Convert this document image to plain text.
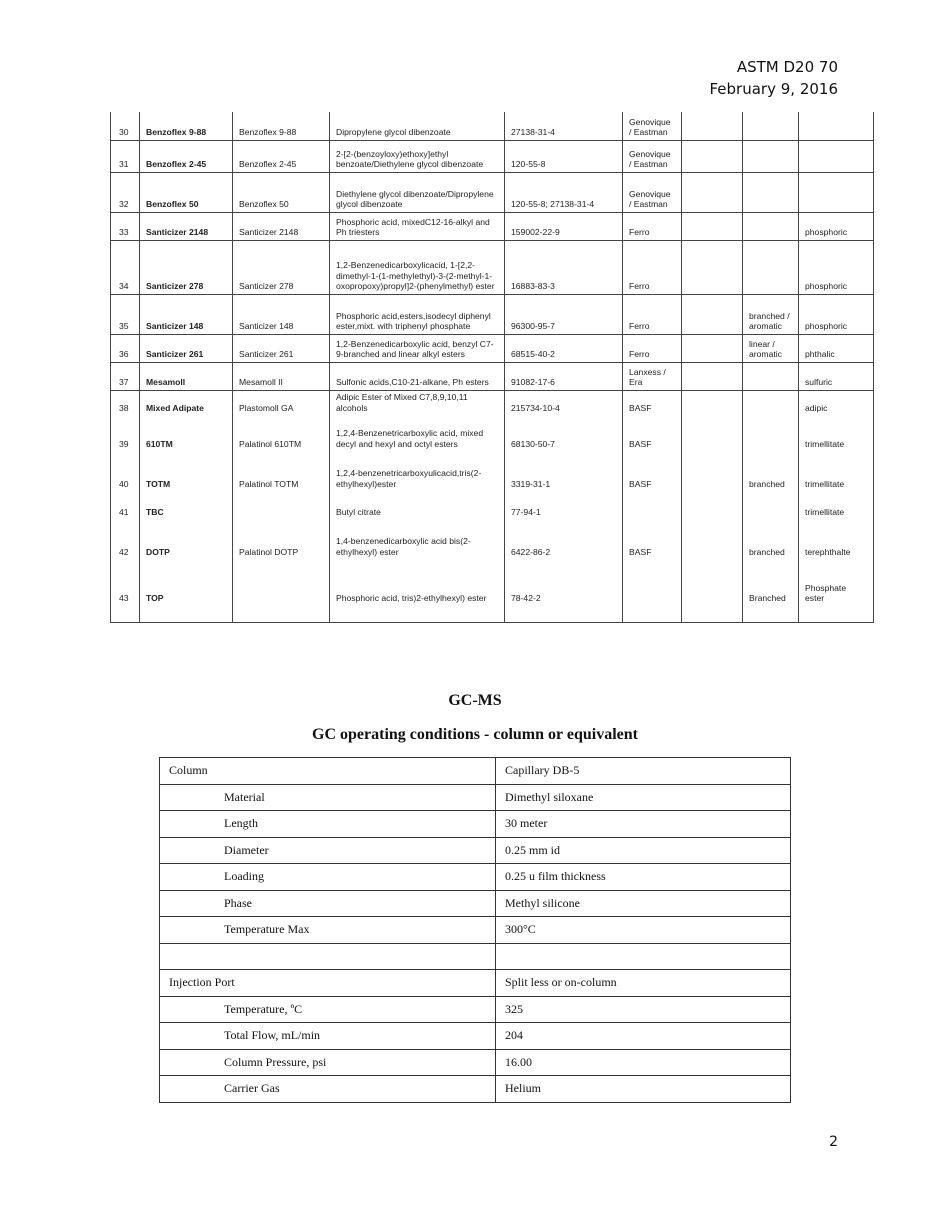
ASTM D20 70
February 9, 2016
30	Benzoflex 9-88	Benzoflex 9-88	Dipropylene glycol dibenzoate	27138-31-4	Genovique / Eastman			
31	Benzoflex 2-45	Benzoflex 2-45	2-[2-(benzoyloxy)ethoxy]ethyl benzoate/Diethylene glycol dibenzoate	120-55-8	Genovique / Eastman			
32	Benzoflex 50	Benzoflex 50	Diethylene glycol dibenzoate/Dipropylene glycol dibenzoate	120-55-8; 27138-31-4	Genovique / Eastman			
33	Santicizer 2148	Santicizer 2148	Phosphoric acid, mixedC12-16-alkyl and Ph triesters	159002-22-9	Ferro			phosphoric
34	Santicizer 278	Santicizer 278	1,2-Benzenedicarboxylicacid, 1-[2,2-dimethyl-1-(1-methylethyl)-3-(2-methyl-1-oxopropoxy)propyl]2-(phenylmethyl) ester	16883-83-3	Ferro			phosphoric
35	Santicizer 148	Santicizer 148	Phosphoric acid,esters,isodecyl diphenyl ester,mixt. with triphenyl phosphate	96300-95-7	Ferro		branched / aromatic	phosphoric
36	Santicizer 261	Santicizer 261	1,2-Benzenedicarboxylic acid, benzyl C7-9-branched and linear alkyl esters	68515-40-2	Ferro		linear / aromatic	phthalic
37	Mesamoll	Mesamoll II	Sulfonic acids,C10-21-alkane, Ph esters	91082-17-6	Lanxess / Era			sulfuric
38	Mixed Adipate	Plastomoll GA	Adipic Ester of Mixed C7,8,9,10,11 alcohols	215734-10-4	BASF			adipic
39	610TM	Palatinol 610TM	1,2,4-Benzenetricarboxylic acid, mixed decyl and hexyl and octyl esters	68130-50-7	BASF			trimellitate
40	TOTM	Palatinol TOTM	1,2,4-benzenetricarboxyulicacid,tris(2-ethylhexyl)ester	3319-31-1	BASF		branched	trimellitate
41	TBC		Butyl citrate	77-94-1				trimellitate
42	DOTP	Palatinol DOTP	1,4-benzenedicarboxylic acid bis(2-ethylhexyl) ester	6422-86-2	BASF		branched	terephthalte
43	TOP		Phosphoric acid, tris)2-ethylhexyl) ester	78-42-2			Branched	Phosphate ester
GC-MS
GC operating conditions - column or equivalent
Column	Capillary DB-5
Material	Dimethyl siloxane
Length	30 meter
Diameter	0.25 mm id
Loading	0.25 u film thickness
Phase	Methyl silicone
Temperature Max	300°C

Injection Port	Split less or on-column
Temperature, ºC	325
Total Flow, mL/min	204
Column Pressure, psi	16.00
Carrier Gas	Helium
2
